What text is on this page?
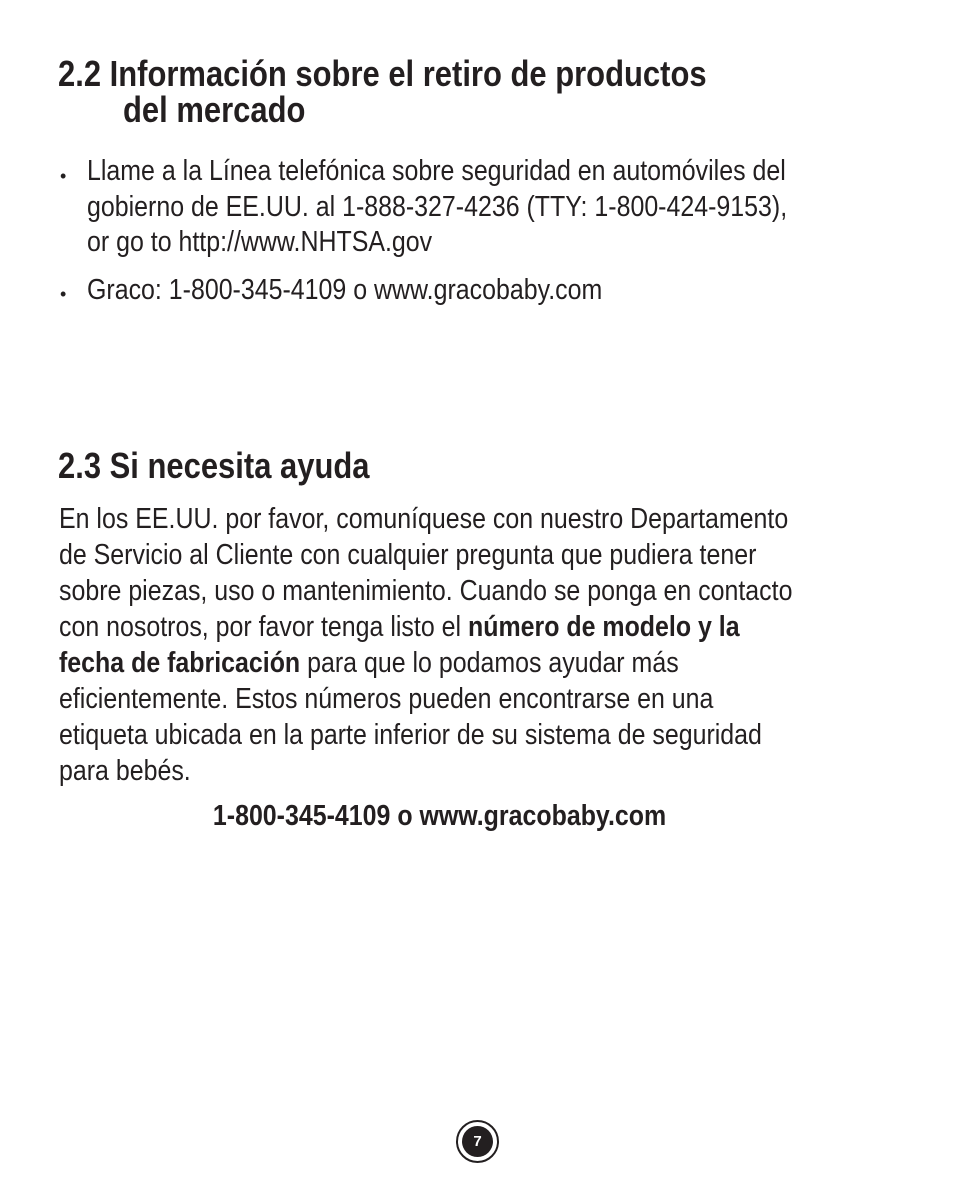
2.2 Información sobre el retiro de productos
del mercado
• Llame a la Línea telefónica sobre seguridad en automóviles del
gobierno de EE.UU. al 1-888-327-4236 (TTY: 1-800-424-9153),
or go to http://www.NHTSA.gov
• Graco: 1-800-345-4109 o www.gracobaby.com
2.3 Si necesita ayuda
En los EE.UU. por favor, comuníquese con nuestro Departamento
de Servicio al Cliente con cualquier pregunta que pudiera tener
sobre piezas, uso o mantenimiento. Cuando se ponga en contacto
con nosotros, por favor tenga listo el número de modelo y la
fecha de fabricación para que lo podamos ayudar más
eficientemente. Estos números pueden encontrarse en una
etiqueta ubicada en la parte inferior de su sistema de seguridad
para bebés.
1-800-345-4109 o www.gracobaby.com
7
